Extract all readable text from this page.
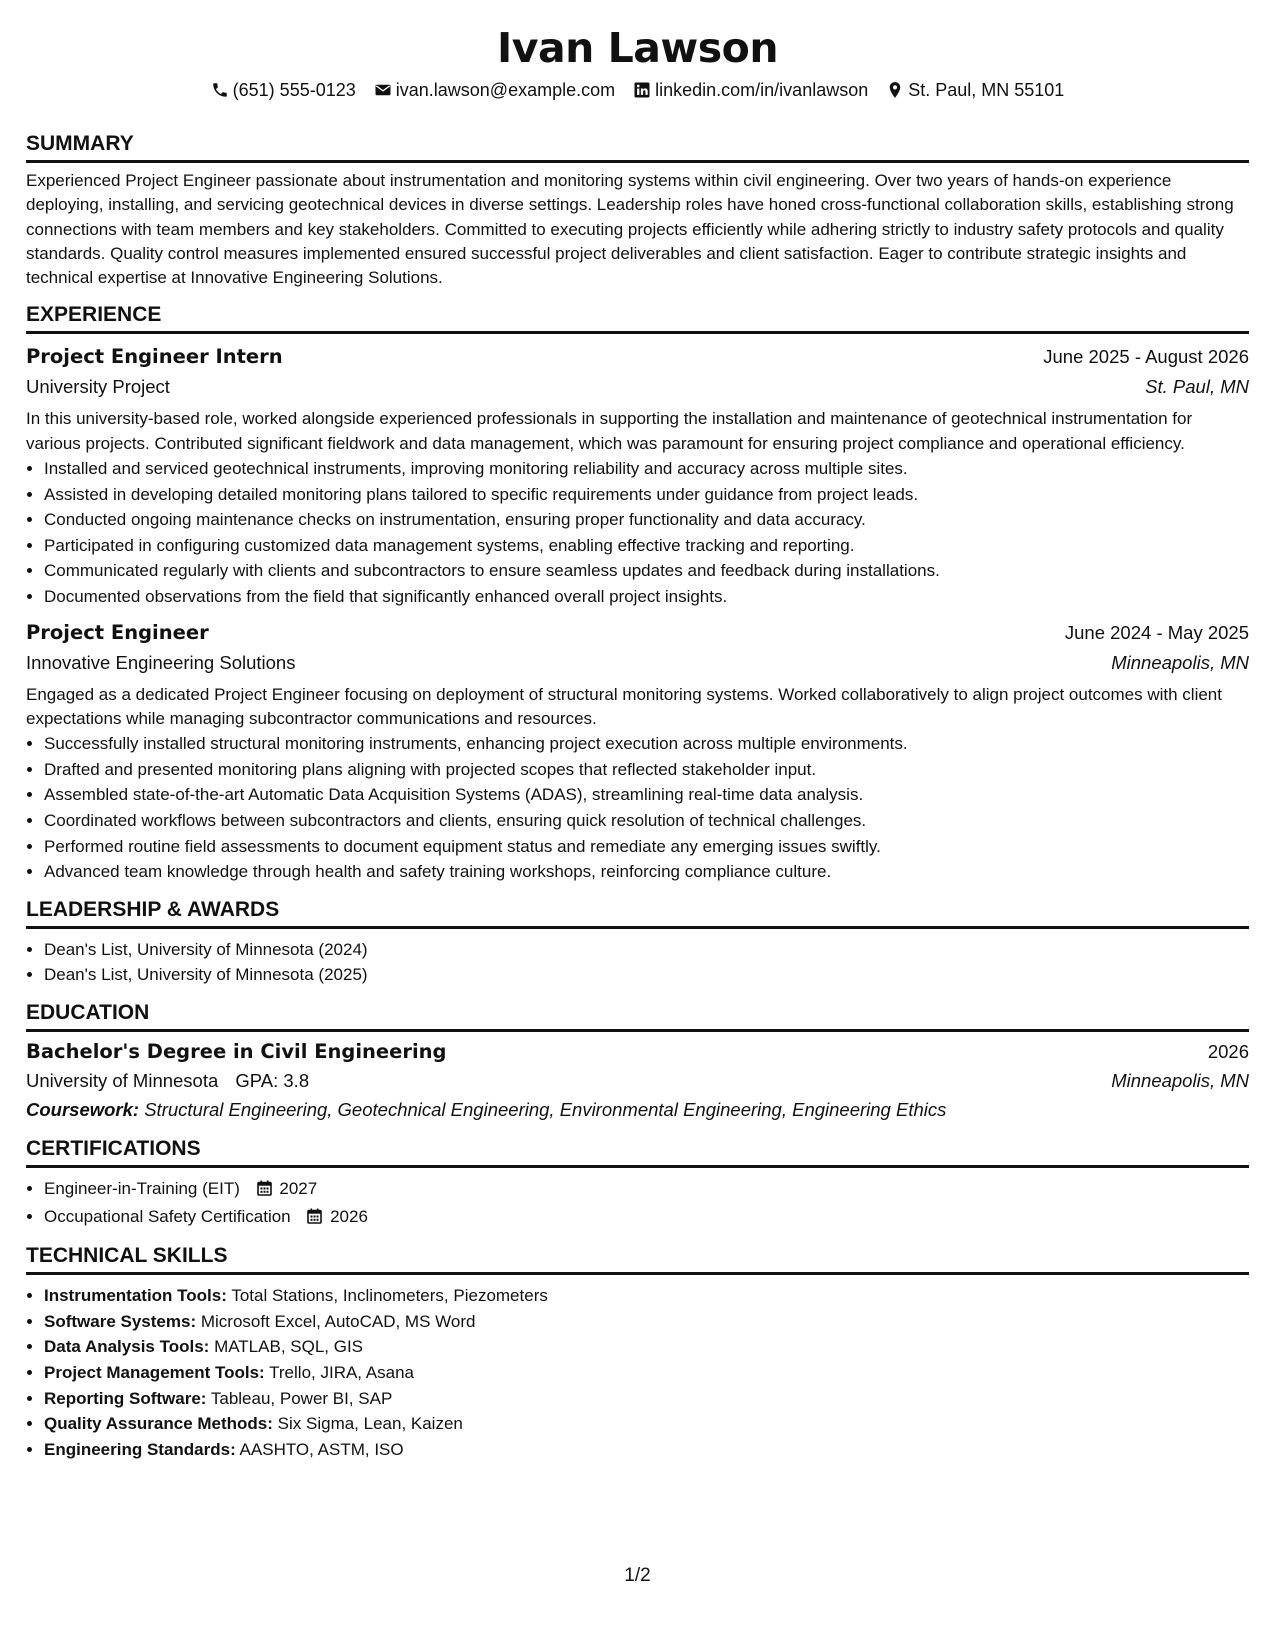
Ivan Lawson
(651) 555-0123 ivan.lawson@example.com linkedin.com/in/ivanlawson St. Paul, MN 55101
SUMMARY

Experienced Project Engineer passionate about instrumentation and monitoring systems within civil engineering. Over two years of hands-on experience deploying, installing, and servicing geotechnical devices in diverse settings. Leadership roles have honed cross-functional collaboration skills, establishing strong connections with team members and key stakeholders. Committed to executing projects efficiently while adhering strictly to industry safety protocols and quality standards. Quality control measures implemented ensured successful project deliverables and client satisfaction. Eager to contribute strategic insights and technical expertise at Innovative Engineering Solutions.

EXPERIENCE
Project Engineer Intern	June 2025 - August 2026
University Project	St. Paul, MN
In this university-based role, worked alongside experienced professionals in supporting the installation and maintenance of geotechnical instrumentation for various projects. Contributed significant fieldwork and data management, which was paramount for ensuring project compliance and operational efficiency.
• Installed and serviced geotechnical instruments, improving monitoring reliability and accuracy across multiple sites.
• Assisted in developing detailed monitoring plans tailored to specific requirements under guidance from project leads.
• Conducted ongoing maintenance checks on instrumentation, ensuring proper functionality and data accuracy.
• Participated in configuring customized data management systems, enabling effective tracking and reporting.
• Communicated regularly with clients and subcontractors to ensure seamless updates and feedback during installations.
• Documented observations from the field that significantly enhanced overall project insights.
Project Engineer	June 2024 - May 2025
Innovative Engineering Solutions	Minneapolis, MN
Engaged as a dedicated Project Engineer focusing on deployment of structural monitoring systems. Worked collaboratively to align project outcomes with client expectations while managing subcontractor communications and resources.
• Successfully installed structural monitoring instruments, enhancing project execution across multiple environments.
• Drafted and presented monitoring plans aligning with projected scopes that reflected stakeholder input.
• Assembled state-of-the-art Automatic Data Acquisition Systems (ADAS), streamlining real-time data analysis.
• Coordinated workflows between subcontractors and clients, ensuring quick resolution of technical challenges.
• Performed routine field assessments to document equipment status and remediate any emerging issues swiftly.
• Advanced team knowledge through health and safety training workshops, reinforcing compliance culture.
LEADERSHIP & AWARDS
• Dean's List, University of Minnesota (2024)
• Dean's List, University of Minnesota (2025)
EDUCATION
Bachelor's Degree in Civil Engineering	2026
University of Minnesota GPA: 3.8	Minneapolis, MN
Coursework: Structural Engineering, Geotechnical Engineering, Environmental Engineering, Engineering Ethics
CERTIFICATIONS
• Engineer-in-Training (EIT) 2027
• Occupational Safety Certification 2026
TECHNICAL SKILLS
• Instrumentation Tools: Total Stations, Inclinometers, Piezometers
• Software Systems: Microsoft Excel, AutoCAD, MS Word
• Data Analysis Tools: MATLAB, SQL, GIS
• Project Management Tools: Trello, JIRA, Asana
• Reporting Software: Tableau, Power BI, SAP
• Quality Assurance Methods: Six Sigma, Lean, Kaizen
• Engineering Standards: AASHTO, ASTM, ISO
1/2
